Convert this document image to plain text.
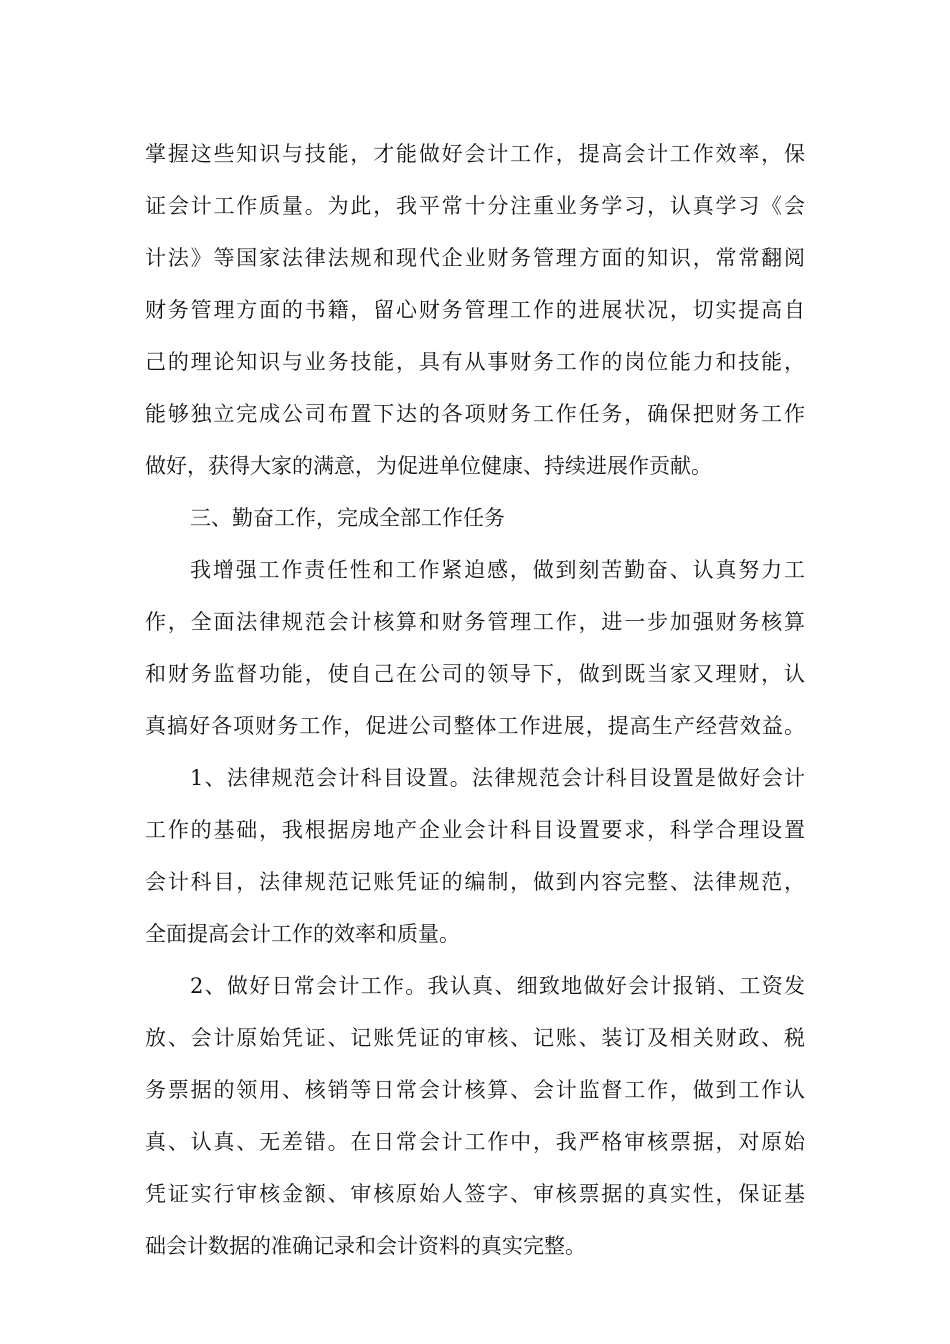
掌握这些知识与技能，才能做好会计工作，提高会计工作效率，保
证会计工作质量。为此，我平常十分注重业务学习，认真学习《会
计法》等国家法律法规和现代企业财务管理方面的知识，常常翻阅
财务管理方面的书籍，留心财务管理工作的进展状况，切实提高自
己的理论知识与业务技能，具有从事财务工作的岗位能力和技能，
能够独立完成公司布置下达的各项财务工作任务，确保把财务工作
做好，获得大家的满意，为促进单位健康、持续进展作贡献。
三、勤奋工作，完成全部工作任务
我增强工作责任性和工作紧迫感，做到刻苦勤奋、认真努力工
作，全面法律规范会计核算和财务管理工作，进一步加强财务核算
和财务监督功能，使自己在公司的领导下，做到既当家又理财，认
真搞好各项财务工作，促进公司整体工作进展，提高生产经营效益。
1、法律规范会计科目设置。法律规范会计科目设置是做好会计
工作的基础，我根据房地产企业会计科目设置要求，科学合理设置
会计科目，法律规范记账凭证的编制，做到内容完整、法律规范，
全面提高会计工作的效率和质量。
2、做好日常会计工作。我认真、细致地做好会计报销、工资发
放、会计原始凭证、记账凭证的审核、记账、装订及相关财政、税
务票据的领用、核销等日常会计核算、会计监督工作，做到工作认
真、认真、无差错。在日常会计工作中，我严格审核票据，对原始
凭证实行审核金额、审核原始人签字、审核票据的真实性，保证基
础会计数据的准确记录和会计资料的真实完整。
